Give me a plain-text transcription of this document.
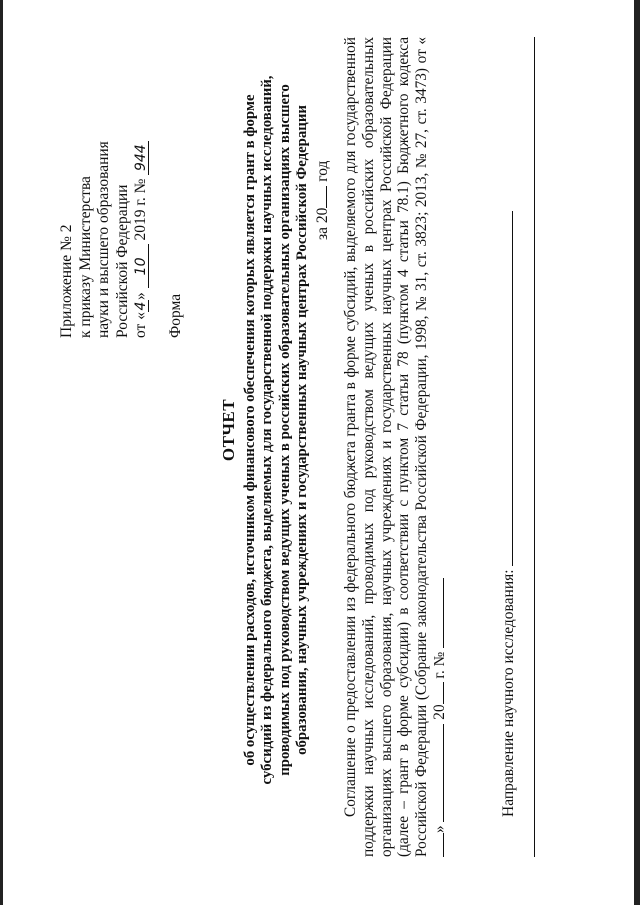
Приложение № 2 к приказу Министерства науки и высшего образования Российской Федерации от «4» 10 2019 г. № 944
Форма
ОТЧЕТ об осуществлении расходов, источником финансового обеспечения которых является грант в форме субсидий из федерального бюджета, выделяемых для государственной поддержки научных исследований, проводимых под руководством ведущих ученых в российских образовательных организациях высшего образования, научных учреждениях и государственных научных центрах Российской Федерации за 20 год Соглашение о предоставлении из федерального бюджета гранта в форме субсидий, выделяемого для государственной поддержки научных исследований, проводимых под руководством ведущих ученых в российских образовательных организациях высшего образования, научных учреждениях и государственных научных центрах Российской Федерации (далее – грант в форме субсидии) в соответствии с пунктом 7 статьи 78 (пунктом 4 статьи 78.1) Бюджетного кодекса Российской Федерации (Собрание законодательства Российской Федерации, 1998, № 31, ст. 3823; 2013, № 27, ст. 3473) от «»  20 г. №	Направление научного исследования:
